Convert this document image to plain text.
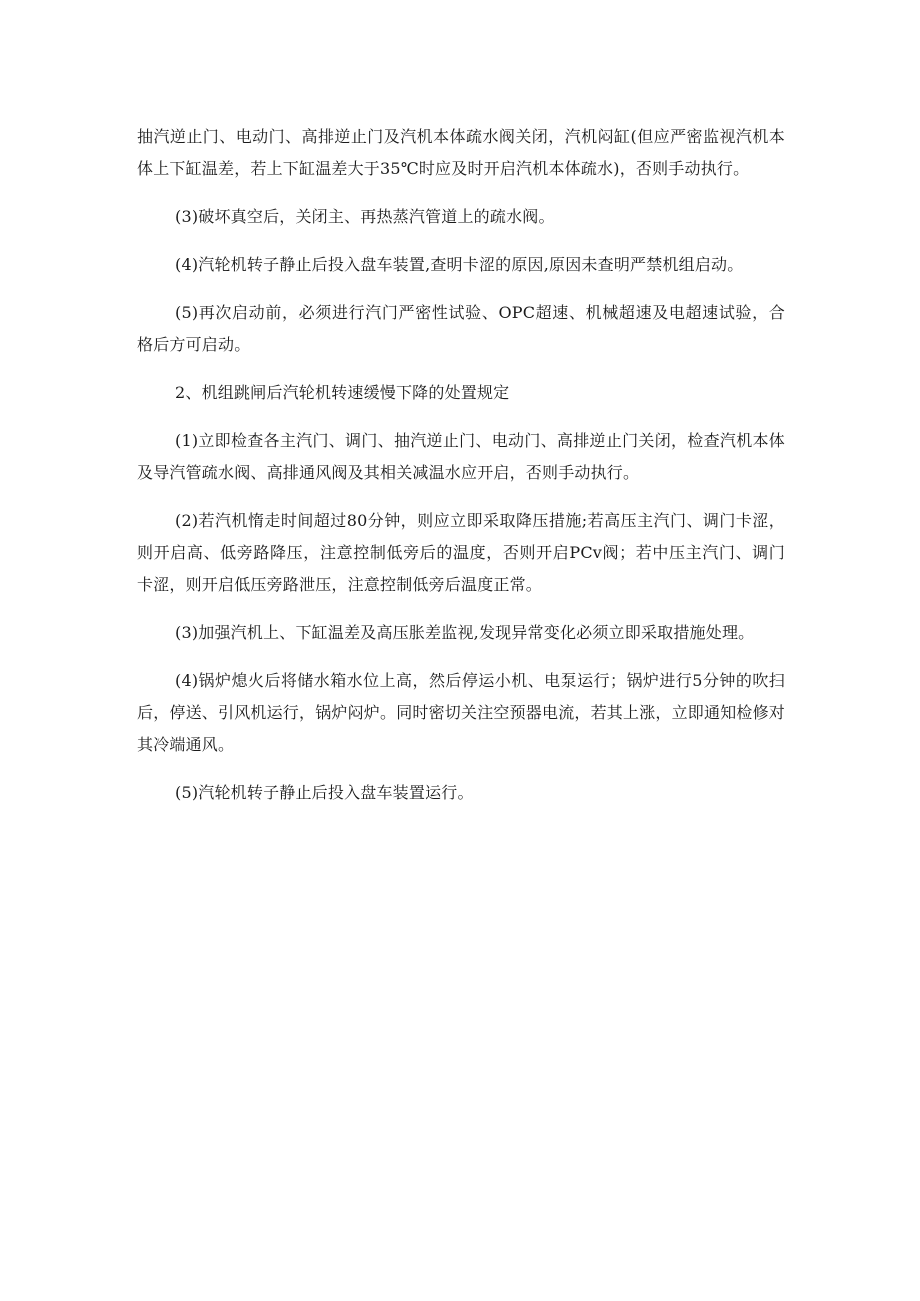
抽汽逆止门、电动门、高排逆止门及汽机本体疏水阀关闭，汽机闷缸(但应严密监视汽机本体上下缸温差，若上下缸温差大于35℃时应及时开启汽机本体疏水)，否则手动执行。

(3)破坏真空后，关闭主、再热蒸汽管道上的疏水阀。

(4)汽轮机转子静止后投入盘车装置,查明卡涩的原因,原因未查明严禁机组启动。

(5)再次启动前，必须进行汽门严密性试验、OPC超速、机械超速及电超速试验，合格后方可启动。

2、机组跳闸后汽轮机转速缓慢下降的处置规定

(1)立即检查各主汽门、调门、抽汽逆止门、电动门、高排逆止门关闭，检查汽机本体及导汽管疏水阀、高排通风阀及其相关减温水应开启，否则手动执行。

(2)若汽机惰走时间超过80分钟，则应立即采取降压措施;若高压主汽门、调门卡涩，则开启高、低旁路降压，注意控制低旁后的温度，否则开启PCv阀；若中压主汽门、调门卡涩，则开启低压旁路泄压，注意控制低旁后温度正常。

(3)加强汽机上、下缸温差及高压胀差监视,发现异常变化必须立即采取措施处理。

(4)锅炉熄火后将储水箱水位上高，然后停运小机、电泵运行；锅炉进行5分钟的吹扫后，停送、引风机运行，锅炉闷炉。同时密切关注空预器电流，若其上涨，立即通知检修对其冷端通风。

(5)汽轮机转子静止后投入盘车装置运行。
